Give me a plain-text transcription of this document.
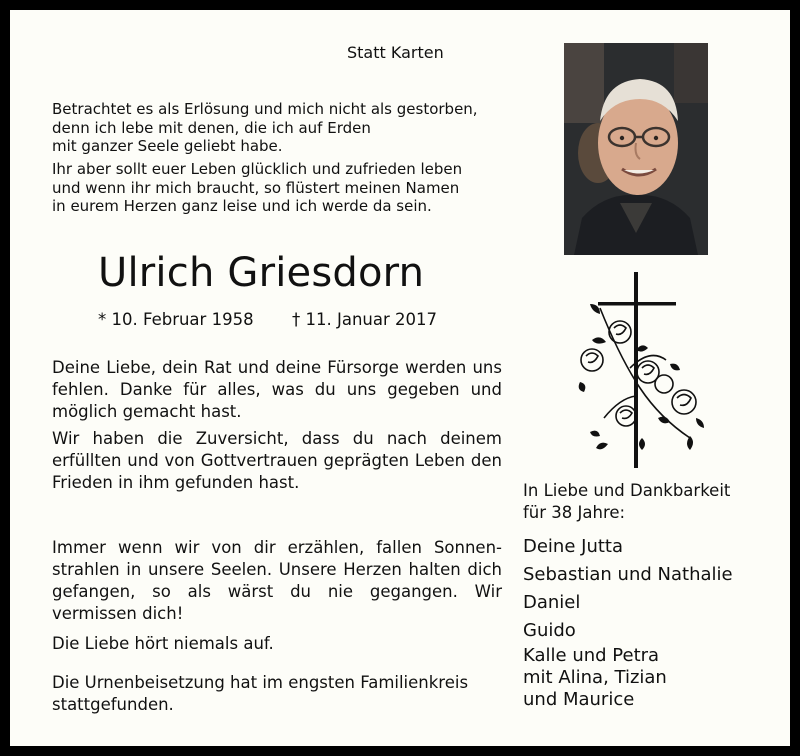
Statt Karten

Betrachtet es als Erlösung und mich nicht als gestorben,

denn ich lebe mit denen, die ich auf Erden

mit ganzer Seele geliebt habe.

Ihr aber sollt euer Leben glücklich und zufrieden leben

und wenn ihr mich braucht, so flüstert meinen Namen

in eurem Herzen ganz leise und ich werde da sein.

Ulrich Griesdorn
* 10. Februar 1958 † 11. Januar 2017

Deine Liebe, dein Rat und deine Fürsorge werden uns fehlen. Danke für alles, was du uns gegeben und möglich gemacht hast.

Wir haben die Zuversicht, dass du nach deinem erfüllten und von Gottvertrauen geprägten Leben den Frieden in ihm gefunden hast.

Immer wenn wir von dir erzählen, fallen Sonnen-strahlen in unsere Seelen. Unsere Herzen halten dich gefangen, so als wärst du nie gegangen. Wir vermissen dich!

Die Liebe hört niemals auf.

Die Urnenbeisetzung hat im engsten Familienkreis stattgefunden.

In Liebe und Dankbarkeit

für 38 Jahre:

Deine Jutta
Sebastian und Nathalie
Daniel
Guido
Kalle und Petra
mit Alina, Tizian
und Maurice
